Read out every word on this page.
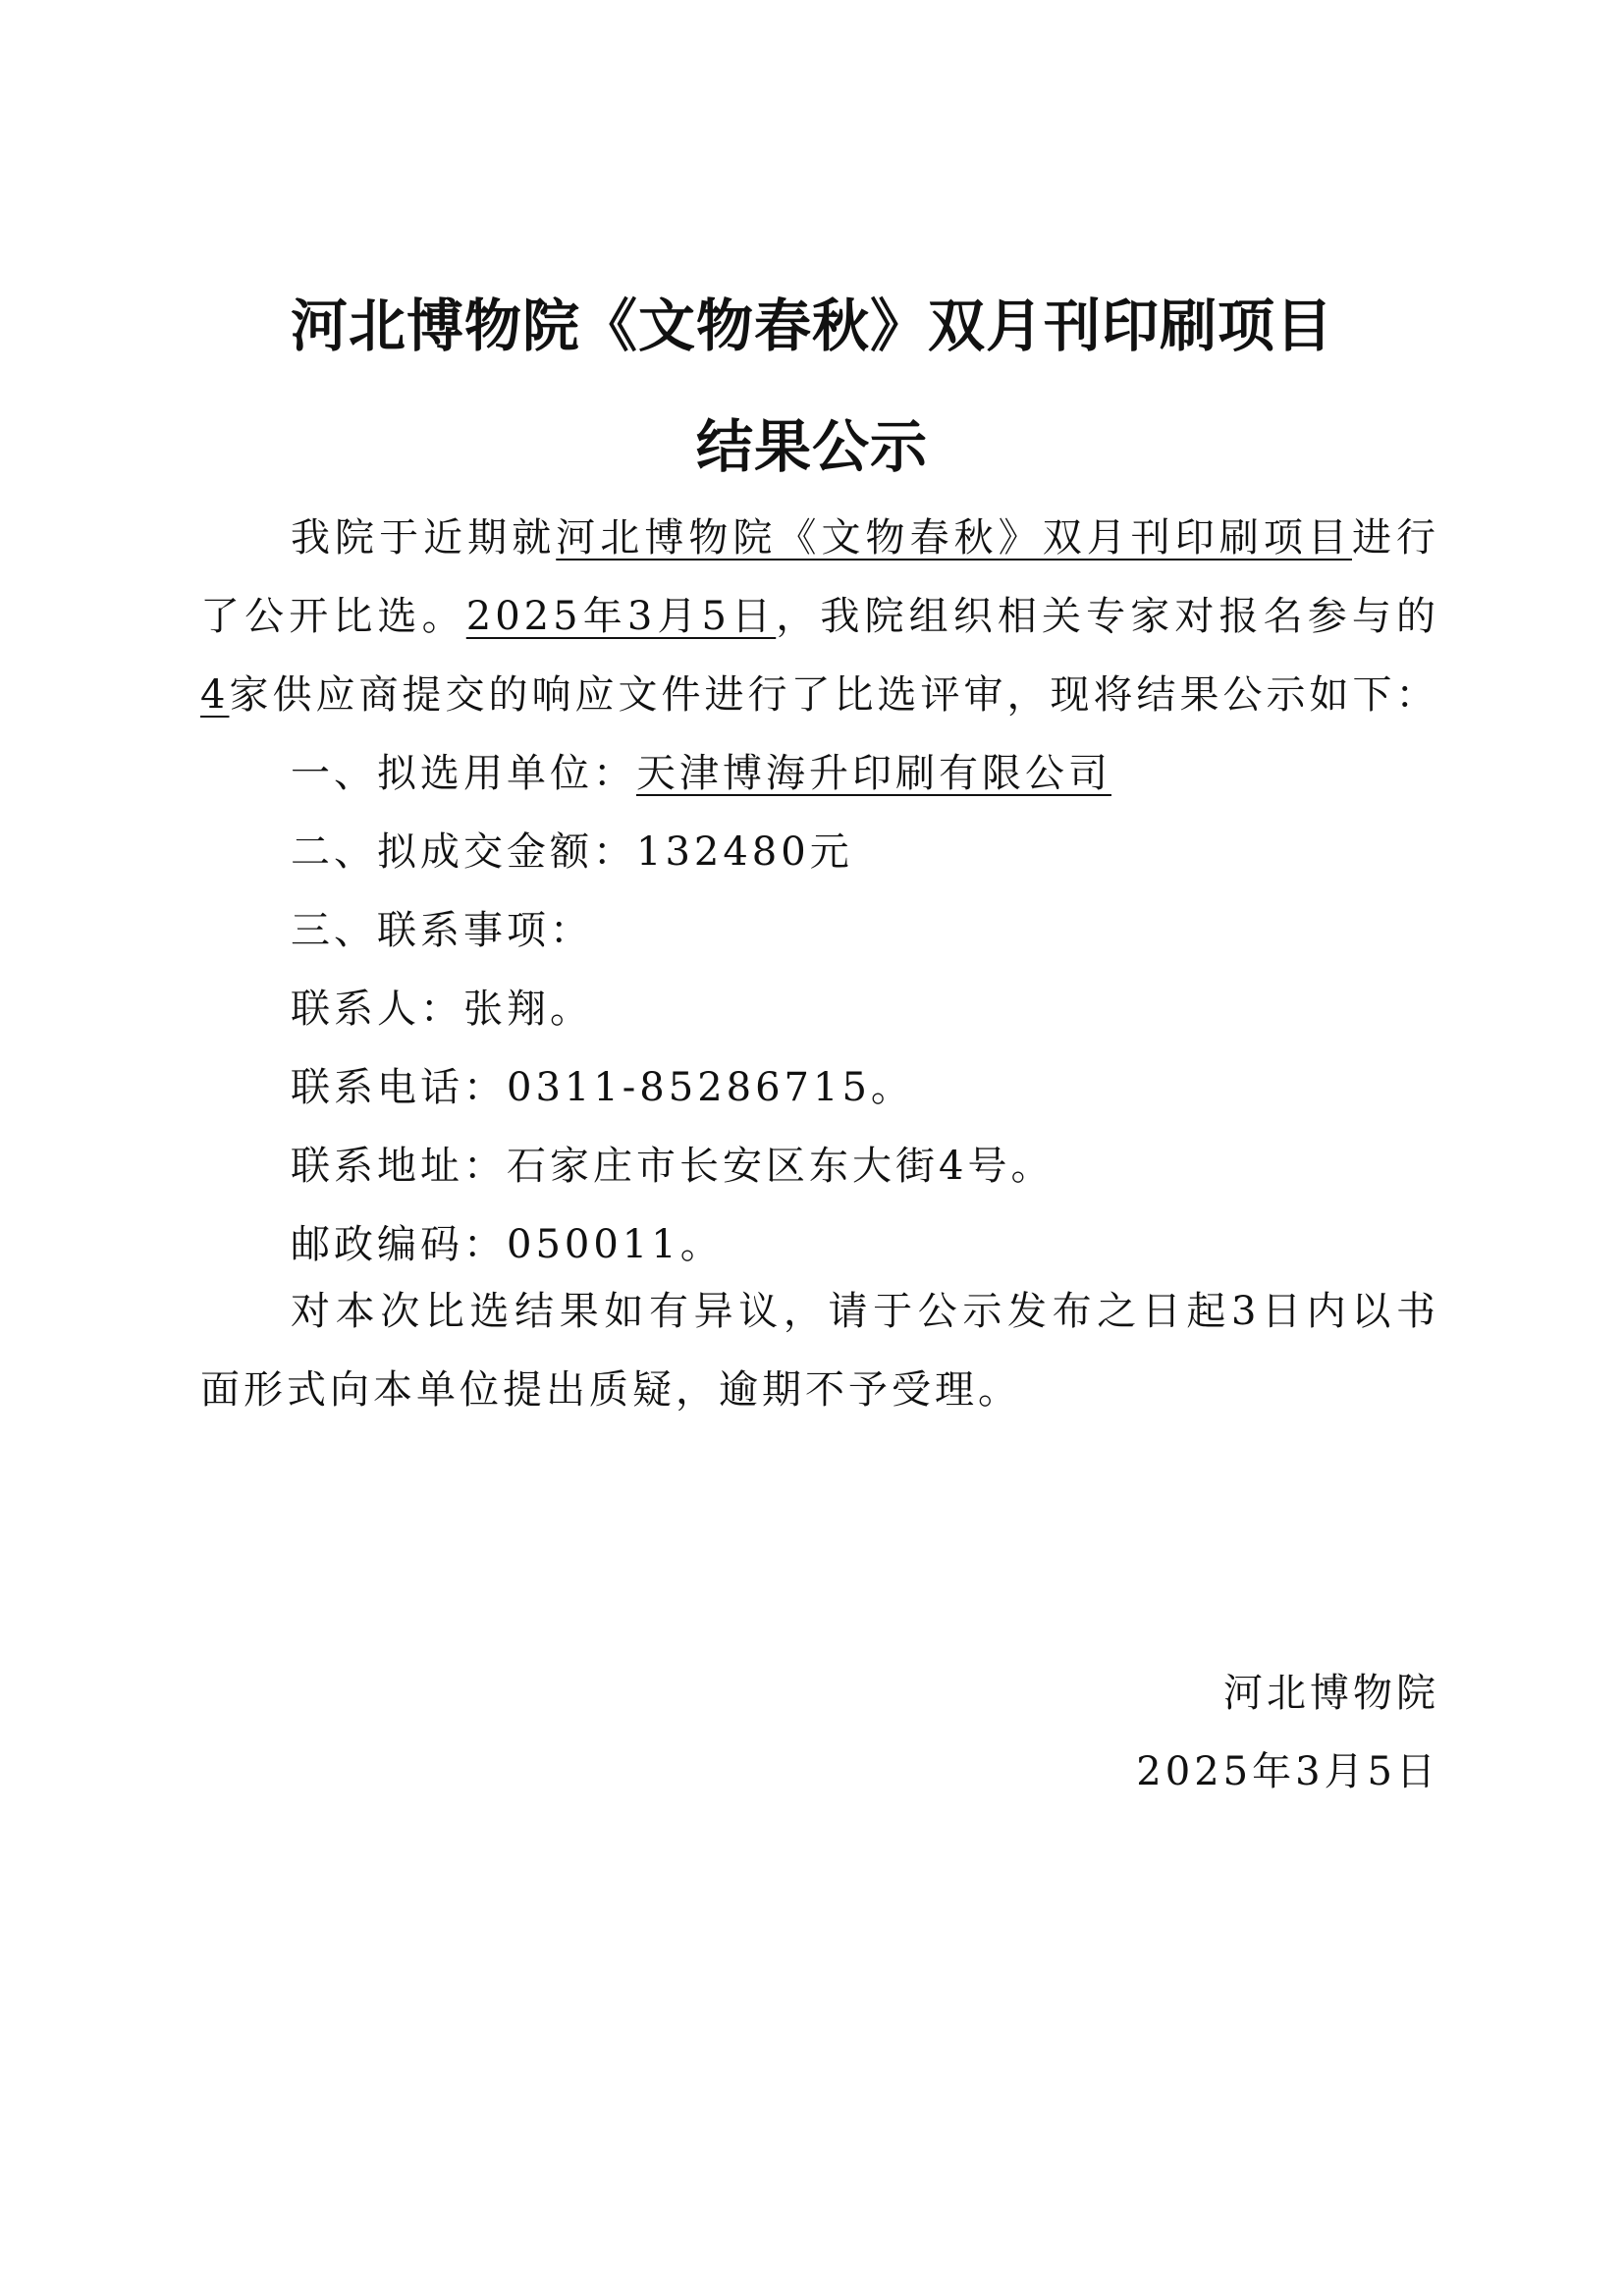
河北博物院《文物春秋》双月刊印刷项目
结果公示

我院于近期就河北博物院《文物春秋》双月刊印刷项目进行了公开比选。2025年3月5日，我院组织相关专家对报名参与的4家供应商提交的响应文件进行了比选评审，现将结果公示如下：

一、拟选用单位：天津博海升印刷有限公司

二、拟成交金额：132480元

三、联系事项：

联系人：张翔。

联系电话：0311-85286715。

联系地址：石家庄市长安区东大街4号。

邮政编码：050011。

对本次比选结果如有异议，请于公示发布之日起3日内以书面形式向本单位提出质疑，逾期不予受理。

河北博物院
2025年3月5日
